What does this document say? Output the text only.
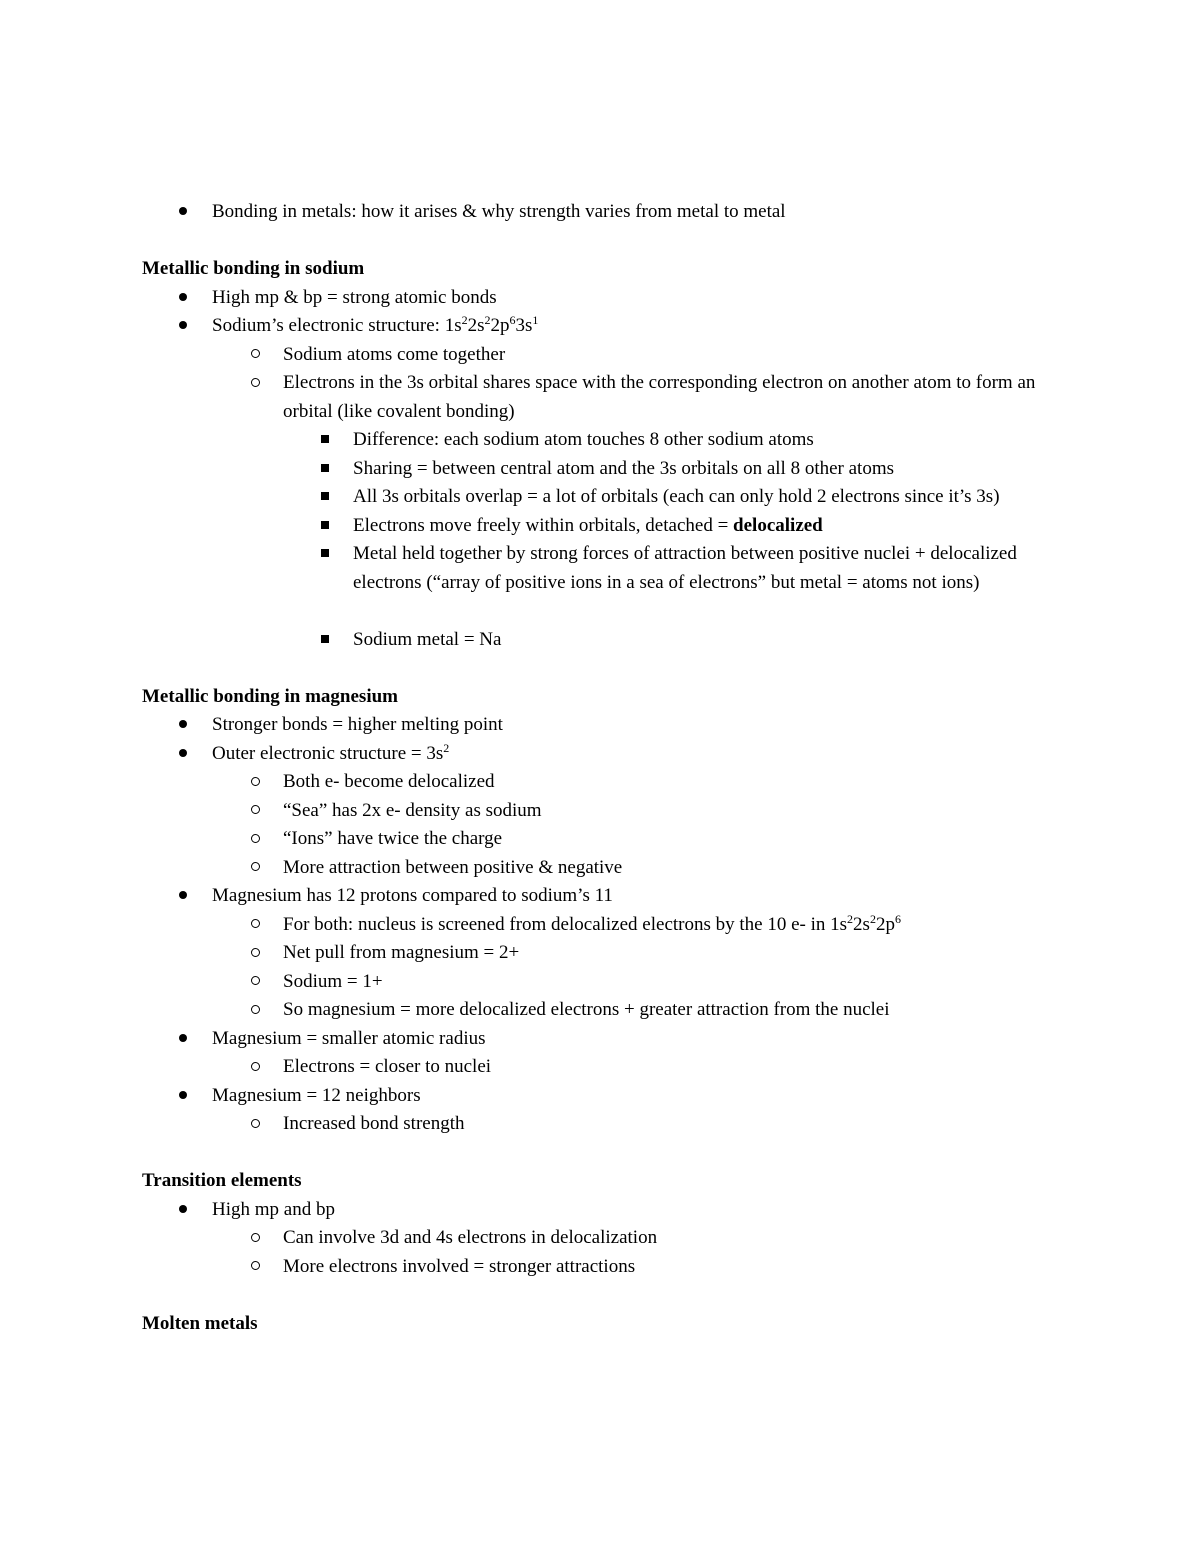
Bonding in metals: how it arises & why strength varies from metal to metal
Metallic bonding in sodium
High mp & bp = strong atomic bonds
Sodium’s electronic structure: $1s^22s^22p^63s^1$
Sodium atoms come together
Electrons in the 3s orbital shares space with the corresponding electron on another atom to form an orbital (like covalent bonding)
Difference: each sodium atom touches 8 other sodium atoms
Sharing = between central atom and the 3s orbitals on all 8 other atoms
All 3s orbitals overlap = a lot of orbitals (each can only hold 2 electrons since it’s 3s)
Electrons move freely within orbitals, detached = delocalized
Metal held together by strong forces of attraction between positive nuclei + delocalized electrons (“array of positive ions in a sea of electrons” but metal = atoms not ions)
Sodium metal = Na
Metallic bonding in magnesium
Stronger bonds = higher melting point
Outer electronic structure = $3s^2$
Both e- become delocalized
“Sea” has 2x e- density as sodium
“Ions” have twice the charge
More attraction between positive & negative
Magnesium has 12 protons compared to sodium’s 11
For both: nucleus is screened from delocalized electrons by the 10 e- in $1s^22s^22p^6$
Net pull from magnesium = 2+
Sodium = 1+
So magnesium = more delocalized electrons + greater attraction from the nuclei
Magnesium = smaller atomic radius
Electrons = closer to nuclei
Magnesium = 12 neighbors
Increased bond strength
Transition elements
High mp and bp
Can involve 3d and 4s electrons in delocalization
More electrons involved = stronger attractions
Molten metals
